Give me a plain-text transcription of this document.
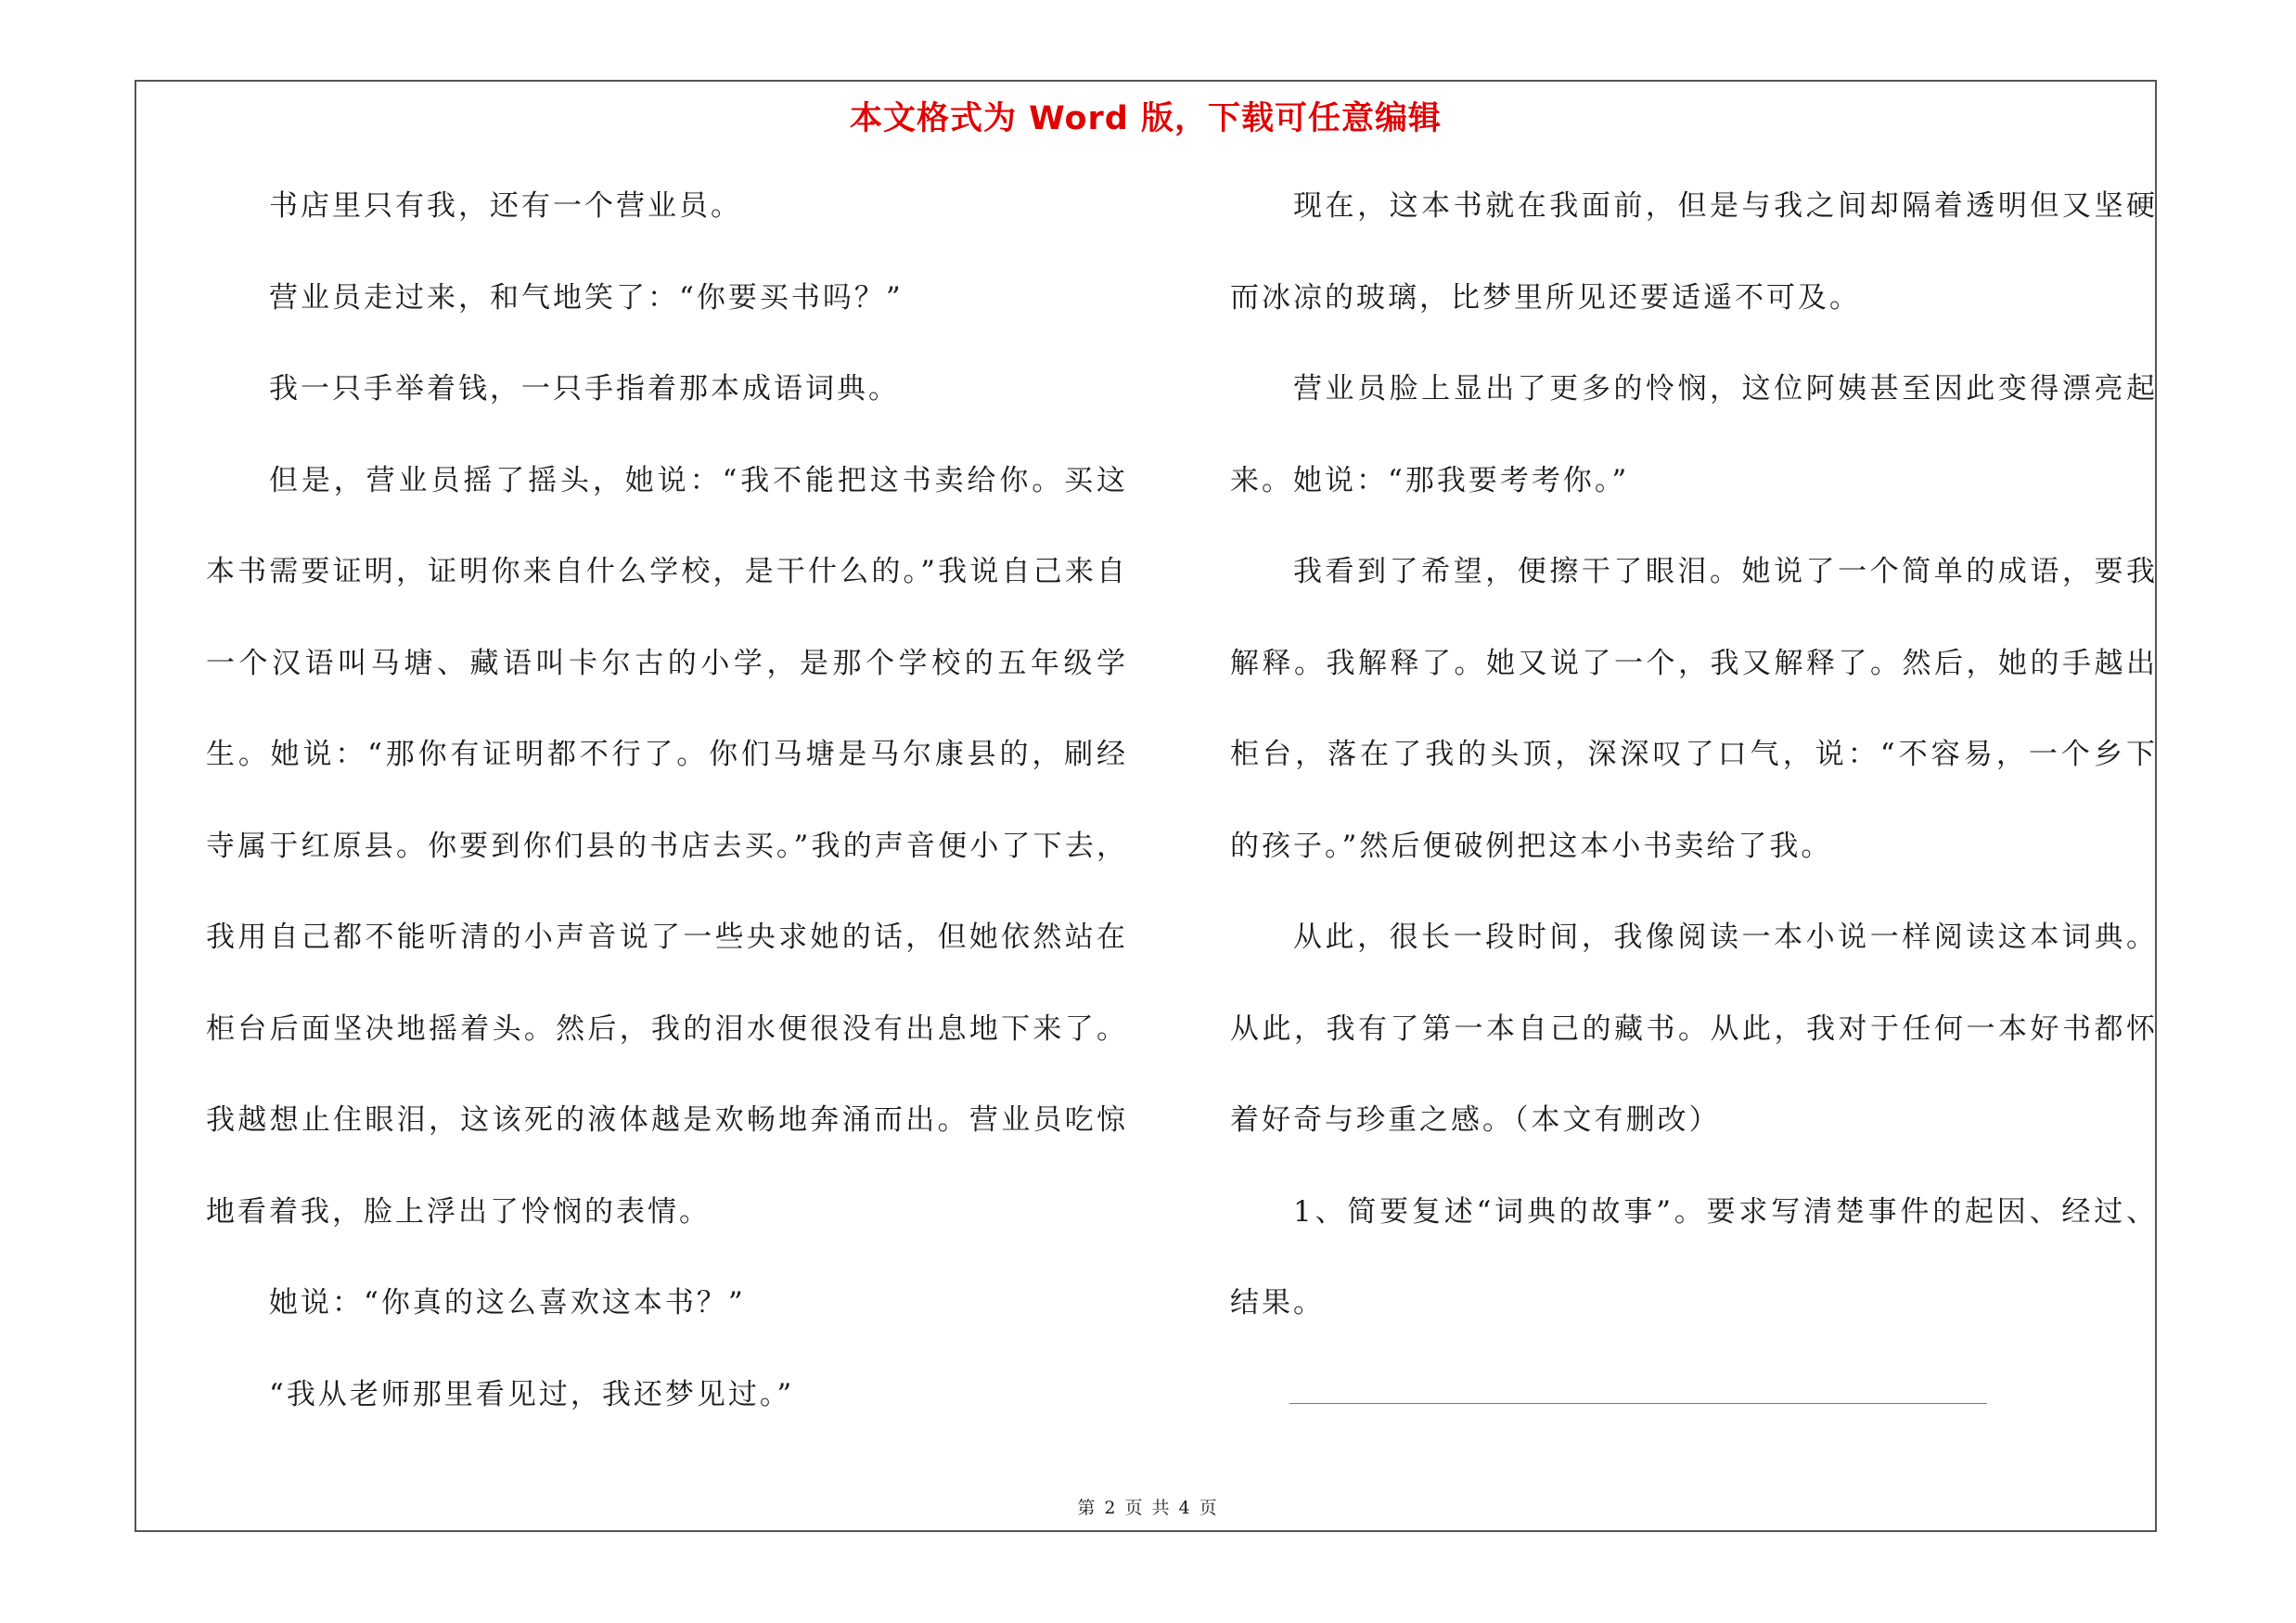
本文格式为 Word 版，下载可任意编辑

书店里只有我，还有一个营业员。

营业员走过来，和气地笑了：“你要买书吗？”

我一只手举着钱，一只手指着那本成语词典。

但是，营业员摇了摇头，她说：“我不能把这书卖给你。买这本书需要证明，证明你来自什么学校，是干什么的。”我说自己来自一个汉语叫马塘、藏语叫卡尔古的小学，是那个学校的五年级学生。她说：“那你有证明都不行了。你们马塘是马尔康县的，刷经寺属于红原县。你要到你们县的书店去买。”我的声音便小了下去，我用自己都不能听清的小声音说了一些央求她的话，但她依然站在柜台后面坚决地摇着头。然后，我的泪水便很没有出息地下来了。我越想止住眼泪，这该死的液体越是欢畅地奔涌而出。营业员吃惊地看着我，脸上浮出了怜悯的表情。

她说：“你真的这么喜欢这本书？”

“我从老师那里看见过，我还梦见过。”

现在，这本书就在我面前，但是与我之间却隔着透明但又坚硬而冰凉的玻璃，比梦里所见还要适遥不可及。

营业员脸上显出了更多的怜悯，这位阿姨甚至因此变得漂亮起来。她说：“那我要考考你。”

我看到了希望，便擦干了眼泪。她说了一个简单的成语，要我解释。我解释了。她又说了一个，我又解释了。然后，她的手越出柜台，落在了我的头顶，深深叹了口气，说：“不容易，一个乡下的孩子。”然后便破例把这本小书卖给了我。

从此，很长一段时间，我像阅读一本小说一样阅读这本词典。从此，我有了第一本自己的藏书。从此，我对于任何一本好书都怀着好奇与珍重之感。（本文有删改）

1、简要复述“词典的故事”。要求写清楚事件的起因、经过、结果。

第 2 页 共 4 页
